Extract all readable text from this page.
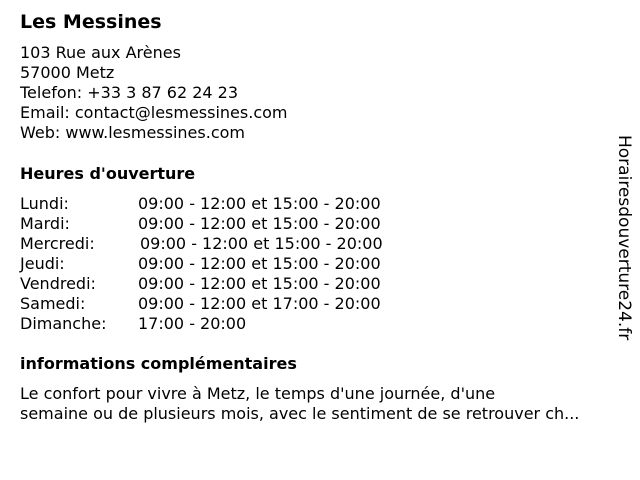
Les Messines
103 Rue aux Arènes
57000 Metz
Telefon: +33 3 87 62 24 23
Email: contact@lesmessines.com
Web: www.lesmessines.com
Heures d'ouverture
Lundi:	09:00 - 12:00 et 15:00 - 20:00
Mardi:	09:00 - 12:00 et 15:00 - 20:00
Mercredi:	09:00 - 12:00 et 15:00 - 20:00
Jeudi:	09:00 - 12:00 et 15:00 - 20:00
Vendredi:	09:00 - 12:00 et 15:00 - 20:00
Samedi:	09:00 - 12:00 et 17:00 - 20:00
Dimanche: 17:00 - 20:00
informations complémentaires
Le confort pour vivre à Metz, le temps d'une journée, d'une
semaine ou de plusieurs mois, avec le sentiment de se retrouver ch...
Horairesdouverture24.fr
